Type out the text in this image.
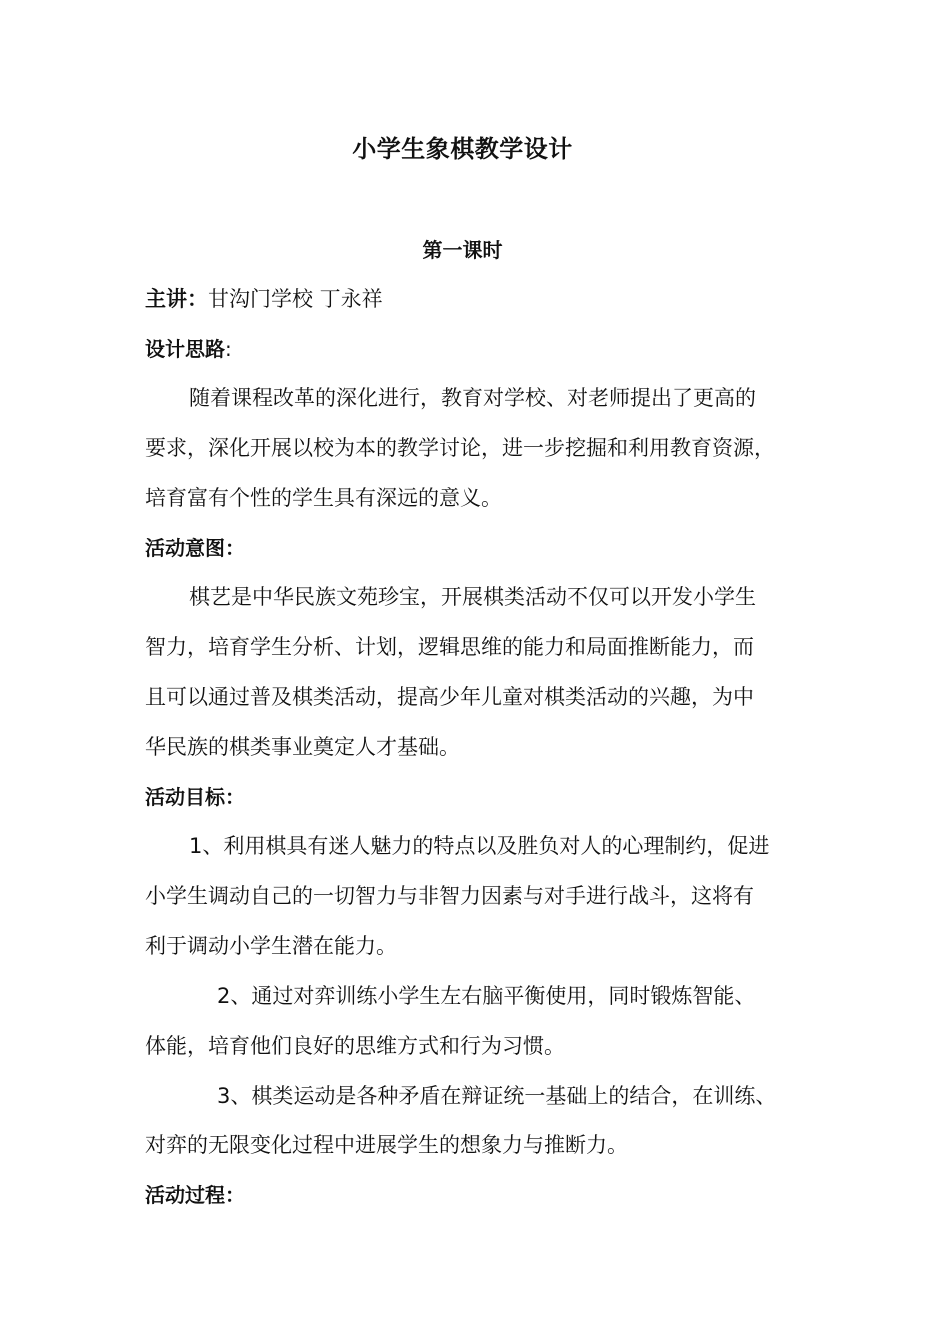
小学生象棋教学设计
第一课时
主讲：甘沟门学校 丁永祥
设计思路:
随着课程改革的深化进行，教育对学校、对老师提出了更高的
要求，深化开展以校为本的教学讨论，进一步挖掘和利用教育资源，
培育富有个性的学生具有深远的意义。
活动意图：
棋艺是中华民族文苑珍宝，开展棋类活动不仅可以开发小学生
智力，培育学生分析、计划，逻辑思维的能力和局面推断能力，而
且可以通过普及棋类活动，提高少年儿童对棋类活动的兴趣，为中
华民族的棋类事业奠定人才基础。
活动目标：
1、利用棋具有迷人魅力的特点以及胜负对人的心理制约，促进
小学生调动自己的一切智力与非智力因素与对手进行战斗，这将有
利于调动小学生潜在能力。
2、通过对弈训练小学生左右脑平衡使用，同时锻炼智能、
体能，培育他们良好的思维方式和行为习惯。
3、棋类运动是各种矛盾在辩证统一基础上的结合，在训练、
对弈的无限变化过程中进展学生的想象力与推断力。
活动过程：
